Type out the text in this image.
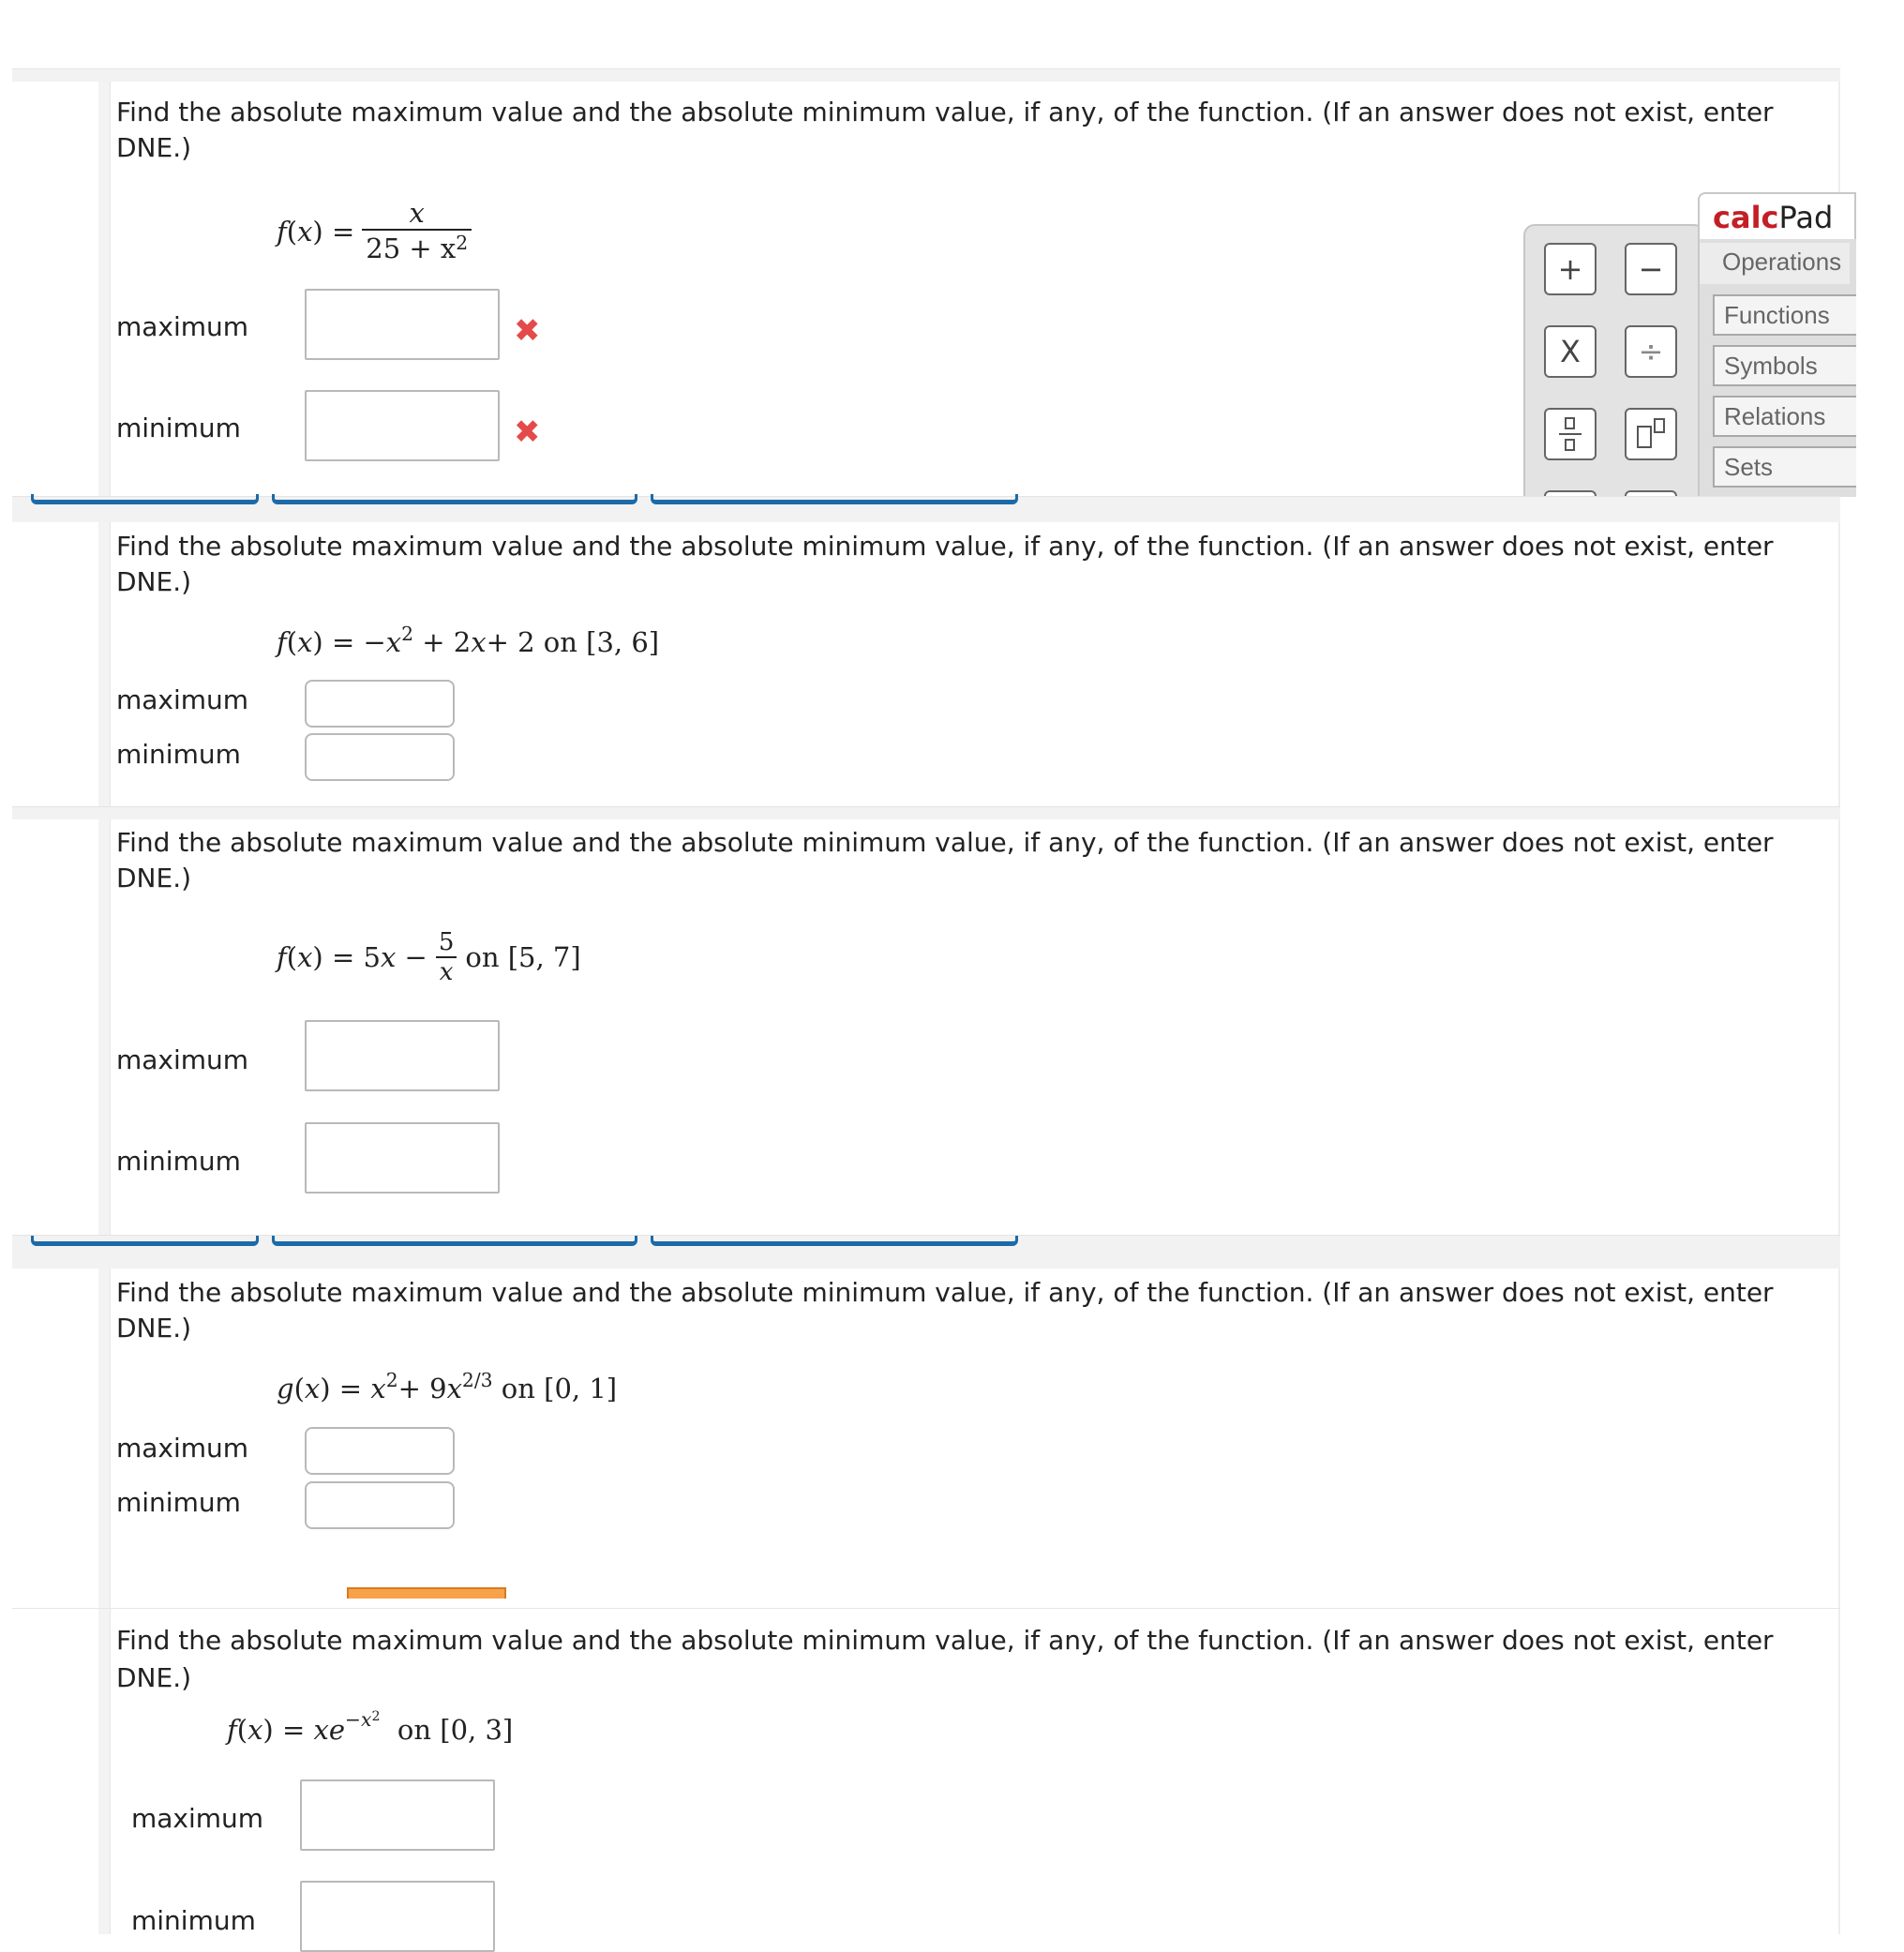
Find the absolute maximum value and the absolute minimum value, if any, of the function. (If an answer does not exist, enter DNE.)

f ( x ) = $\frac{x}{25 + x^2}$
maximum	✖
minimum	✖
+	−
X	÷
calcPad
Operations
Functions
Symbols
Relations
Sets

Find the absolute maximum value and the absolute minimum value, if any, of the function. (If an answer does not exist, enter DNE.)

f ( x ) = − $x^2 + 2$ x + 2 on [3, 6]
maximum
minimum

Find the absolute maximum value and the absolute minimum value, if any, of the function. (If an answer does not exist, enter DNE.)

f ( x ) = 5 $x - \frac{5}{x}$ on [5, 7]
maximum
minimum

Find the absolute maximum value and the absolute minimum value, if any, of the function. (If an answer does not exist, enter DNE.)

g ( x ) = $x^2 + 9$ $x^{2/3}$
on [0, 1]
maximum
minimum

Find the absolute maximum value and the absolute minimum value, if any, of the function. (If an answer does not exist, enter DNE.)

f ( x ) = xe $^{-x^2}$
on [0, 3]
maximum
minimum
